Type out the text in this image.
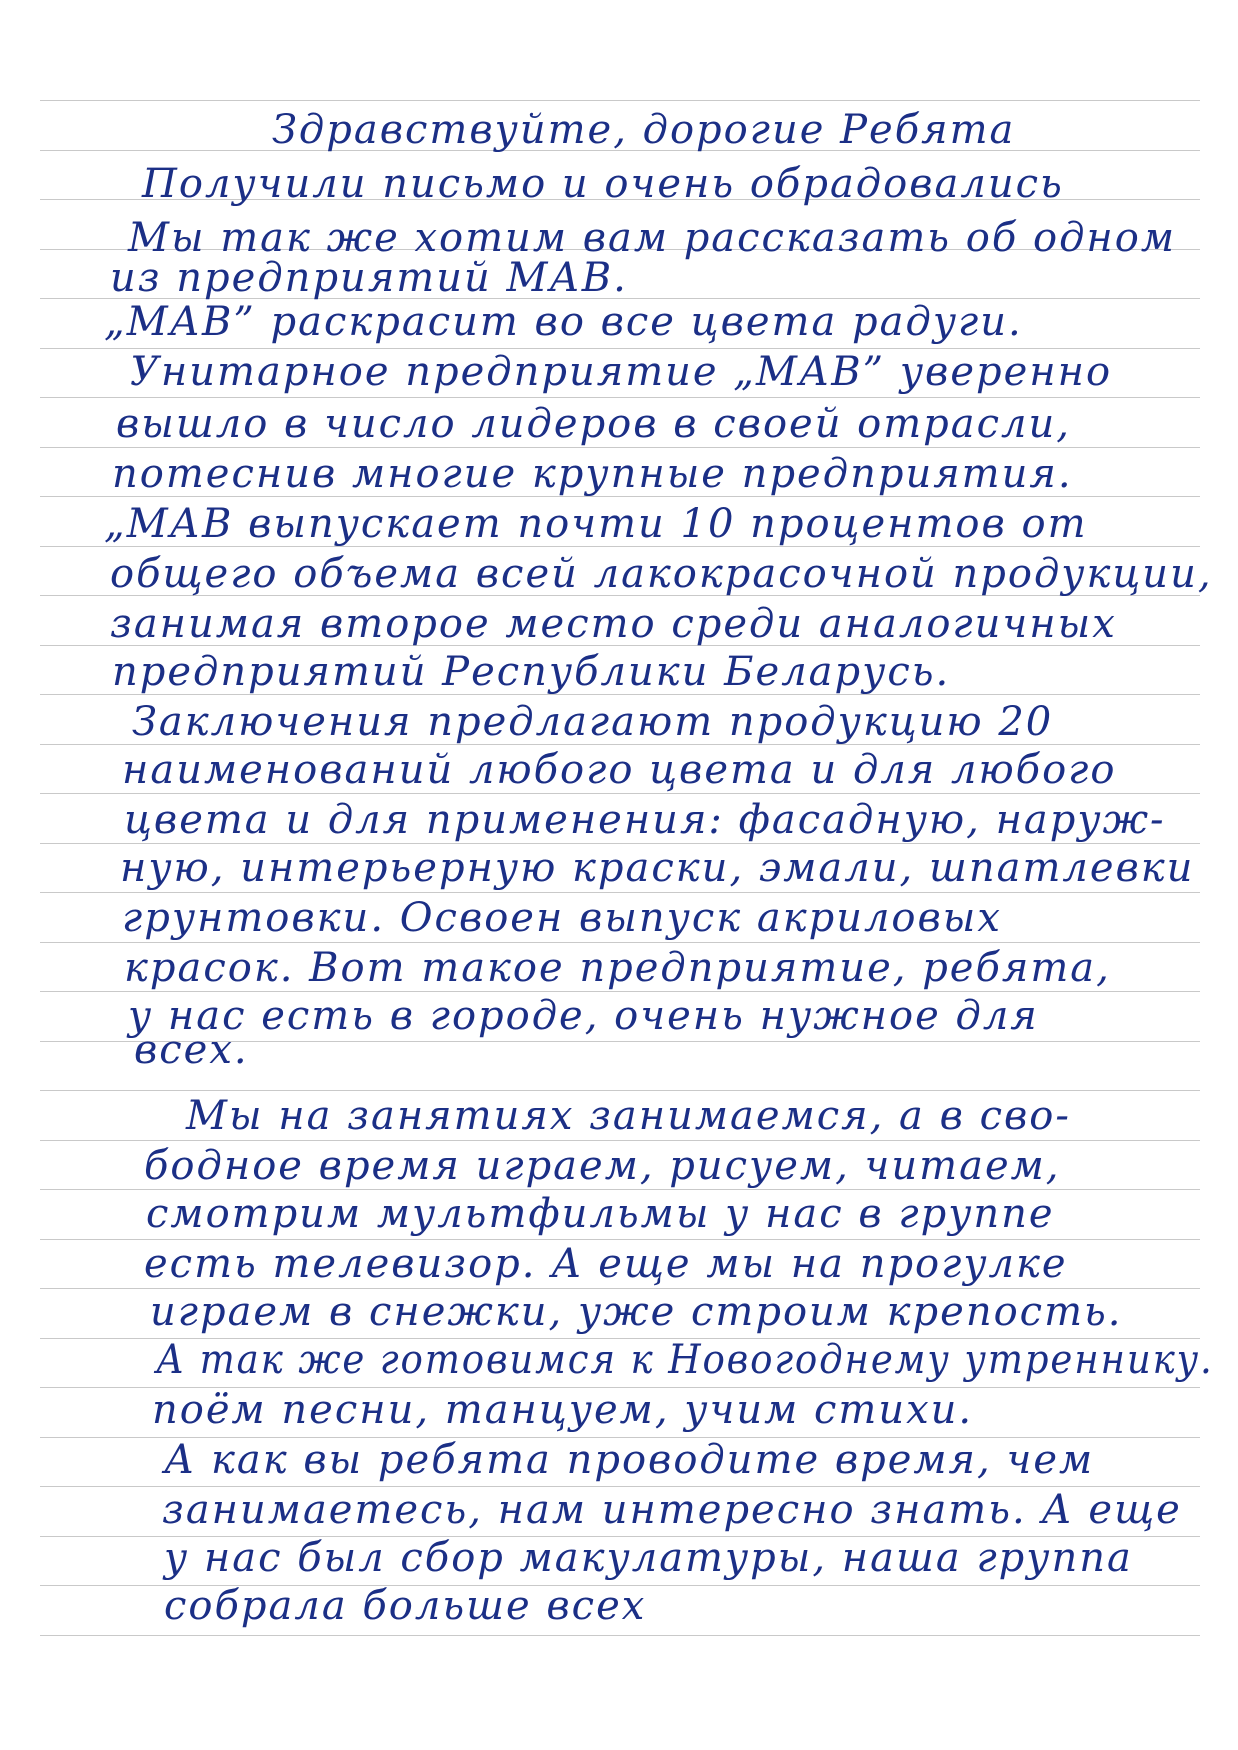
Здравствуйте, дорогие Ребята
Получили письмо и очень обрадовались
Мы так же хотим вам рассказать об одном
из предприятий МАВ.
„МАВ” раскрасит во все цвета радуги.
Унитарное предприятие „МАВ” уверенно
вышло в число лидеров в своей отрасли,
потеснив многие крупные предприятия.
„МАВ выпускает почти 10 процентов от
общего объема всей лакокрасочной продукции,
занимая второе место среди аналогичных
предприятий Республики Беларусь.
Заключения предлагают продукцию 20
наименований любого цвета и для любого
цвета и для применения: фасадную, наруж-
ную, интерьерную краски, эмали, шпатлевки
грунтовки. Освоен выпуск акриловых
красок. Вот такое предприятие, ребята,
у нас есть в городе, очень нужное для
всех.
Мы на занятиях занимаемся, а в сво-
бодное время играем, рисуем, читаем,
смотрим мультфильмы у нас в группе
есть телевизор. А еще мы на прогулке
играем в снежки, уже строим крепость.
А так же готовимся к Новогоднему утреннику.
поём песни, танцуем, учим стихи.
А как вы ребята проводите время, чем
занимаетесь, нам интересно знать. А еще
у нас был сбор макулатуры, наша группа
собрала больше всех
